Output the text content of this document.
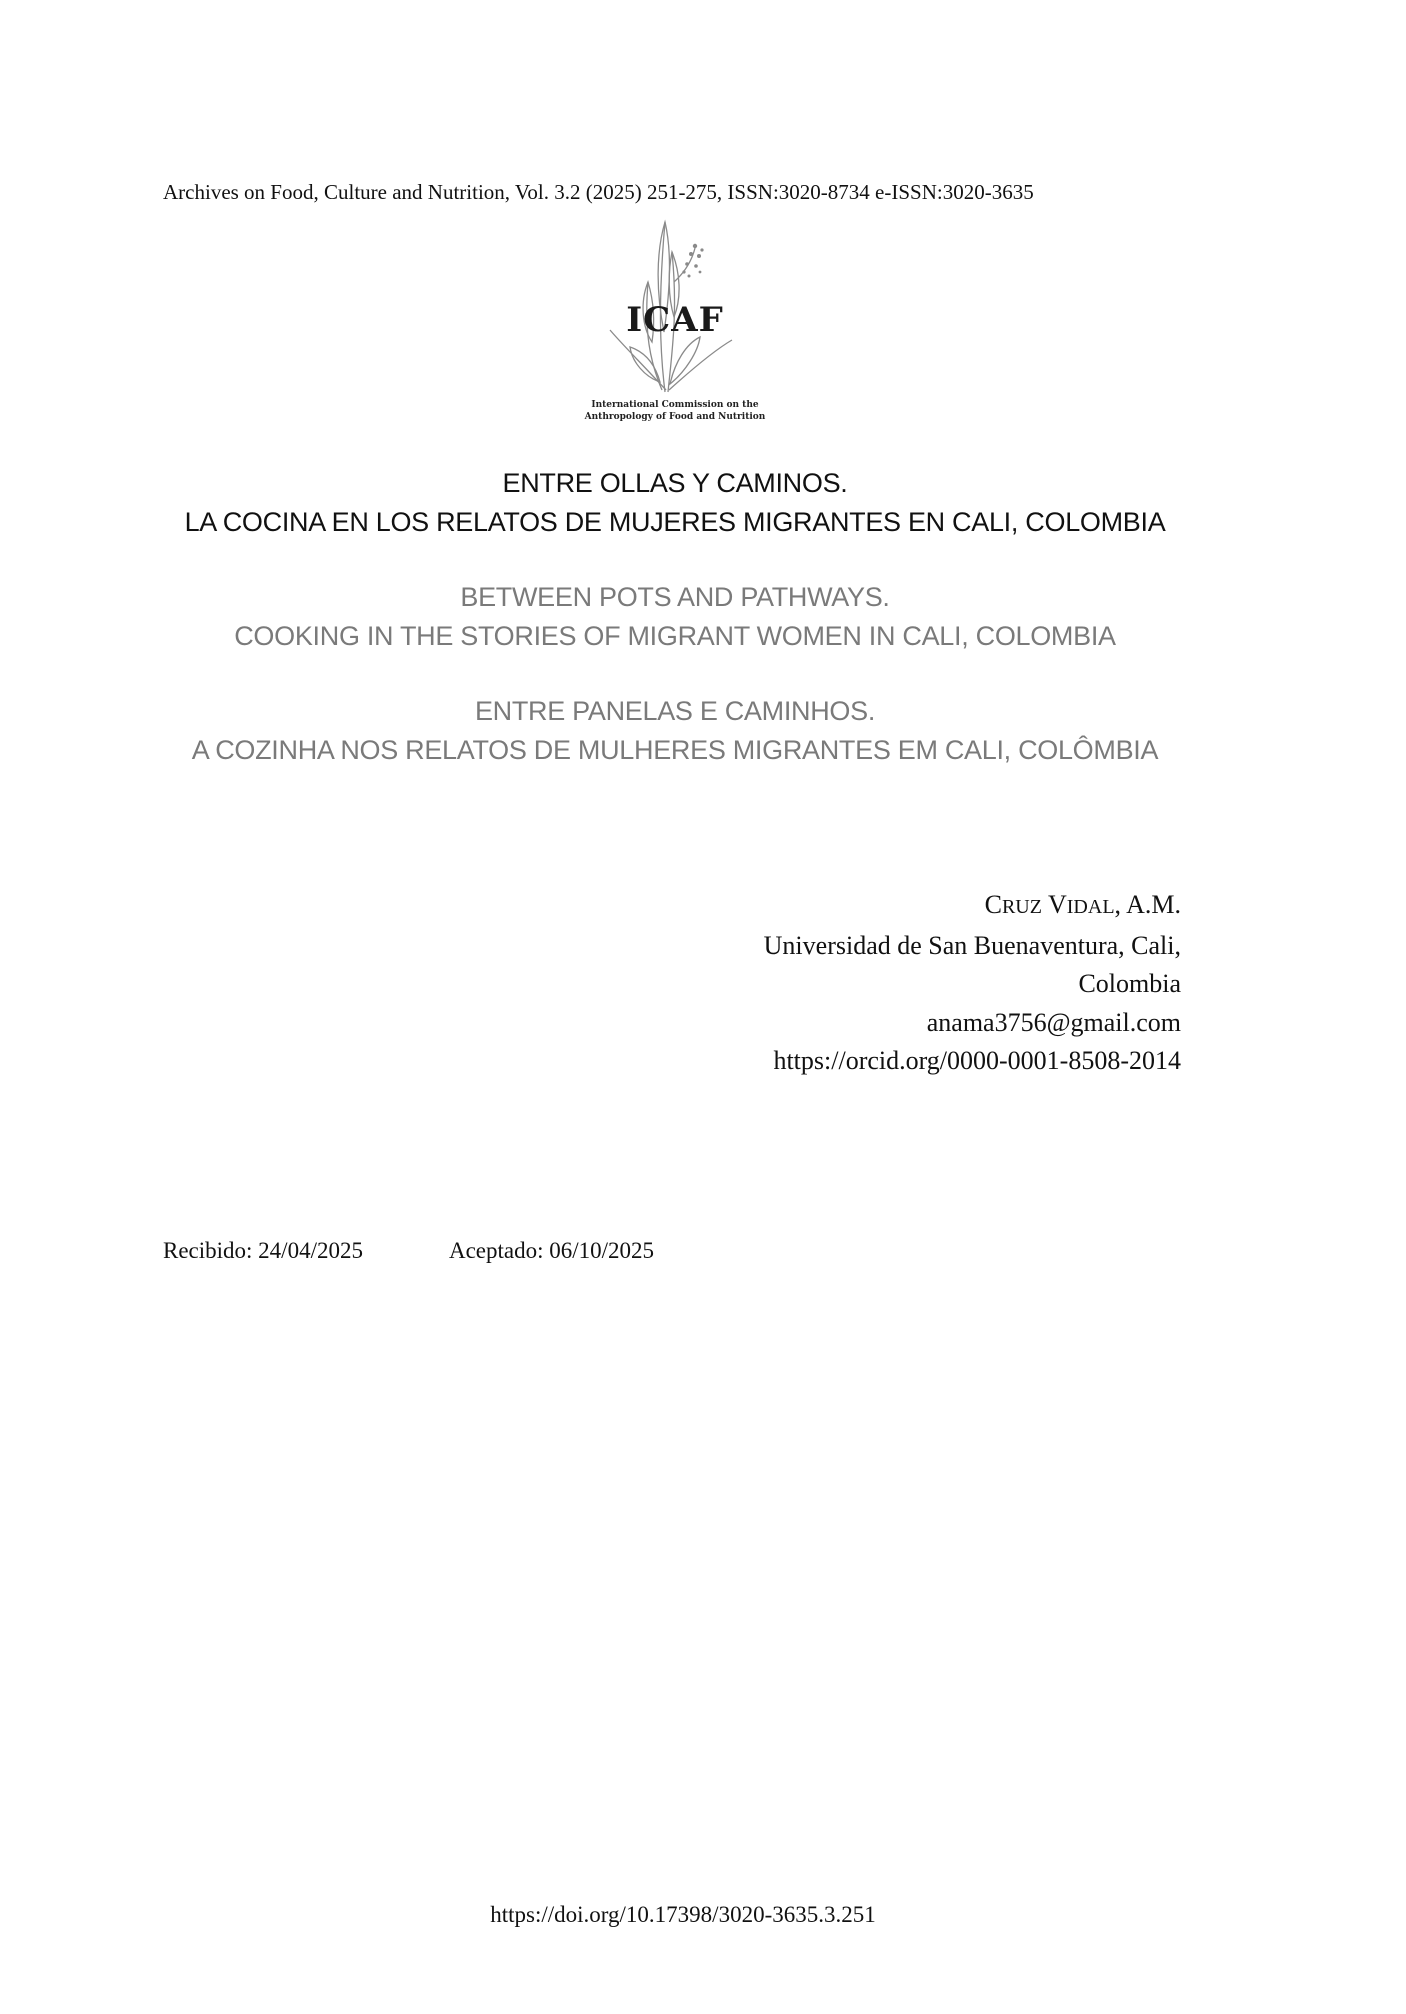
Archives on Food, Culture and Nutrition, Vol. 3.2 (2025) 251-275, ISSN:3020-8734 e-ISSN:3020-3635
ICAF
International Commission on the
Anthropology of Food and Nutrition
ENTRE OLLAS Y CAMINOS.
LA COCINA EN LOS RELATOS DE MUJERES MIGRANTES EN CALI, COLOMBIA
BETWEEN POTS AND PATHWAYS.
COOKING IN THE STORIES OF MIGRANT WOMEN IN CALI, COLOMBIA
ENTRE PANELAS E CAMINHOS.
A COZINHA NOS RELATOS DE MULHERES MIGRANTES EM CALI, COLÔMBIA
CRUZ VIDAL, A.M.
Universidad de San Buenaventura, Cali,
Colombia
anama3756@gmail.com
https://orcid.org/0000-0001-8508-2014
Recibido: 24/04/2025	Aceptado: 06/10/2025
https://doi.org/10.17398/3020-3635.3.251
